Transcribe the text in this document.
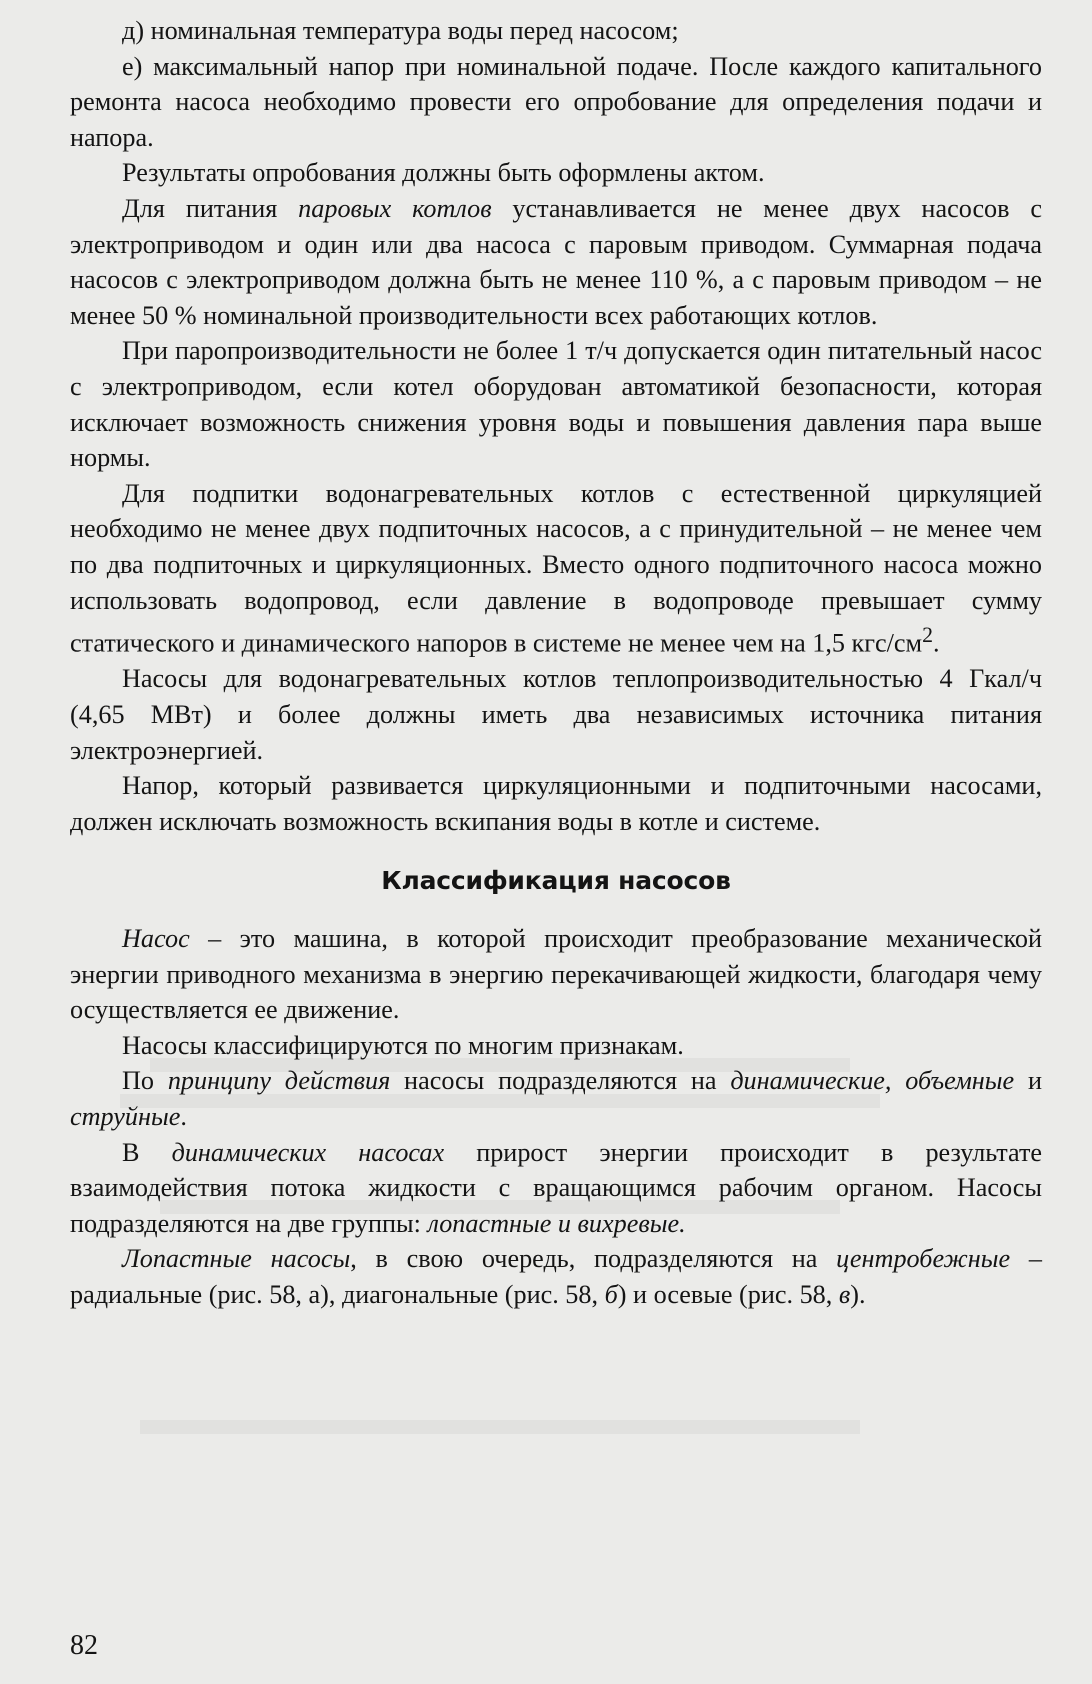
д) номинальная температура воды перед насосом;

е) максимальный напор при номинальной подаче. После каждого капитального ремонта насоса необходимо провести его опробование для определения подачи и напора.

Результаты опробования должны быть оформлены актом.

Для питания паровых котлов устанавливается не менее двух насосов с электроприводом и один или два насоса с паровым приводом. Суммарная подача насосов с электроприводом должна быть не менее 110 %, а с паровым приводом – не менее 50 % номинальной производительности всех работающих котлов.

При паропроизводительности не более 1 т/ч допускается один питательный насос с электроприводом, если котел оборудован автоматикой безопасности, которая исключает возможность снижения уровня воды и повышения давления пара выше нормы.

Для подпитки водонагревательных котлов с естественной циркуляцией необходимо не менее двух подпиточных насосов, а с принудительной – не менее чем по два подпиточных и циркуляционных. Вместо одного подпиточного насоса можно использовать водопровод, если давление в водопроводе превышает сумму статического и динамического напоров в системе не менее чем на 1,5 кгс/$см^2$.

Насосы для водонагревательных котлов теплопроизводительностью 4 Гкал/ч (4,65 МВт) и более должны иметь два независимых источника питания электроэнергией.

Напор, который развивается циркуляционными и подпиточными насосами, должен исключать возможность вскипания воды в котле и системе.

Классификация насосов

Насос – это машина, в которой происходит преобразование механической энергии приводного механизма в энергию перекачивающей жидкости, благодаря чему осуществляется ее движение.

Насосы классифицируются по многим признакам.

По принципу действия насосы подразделяются на динамические, объемные и струйные.

В динамических насосах прирост энергии происходит в результате взаимодействия потока жидкости с вращающимся рабочим органом. Насосы подразделяются на две группы: лопастные и вихревые.

Лопастные насосы, в свою очередь, подразделяются на центробежные – радиальные (рис. 58, а), диагональные (рис. 58, б) и осевые (рис. 58, в).

82
